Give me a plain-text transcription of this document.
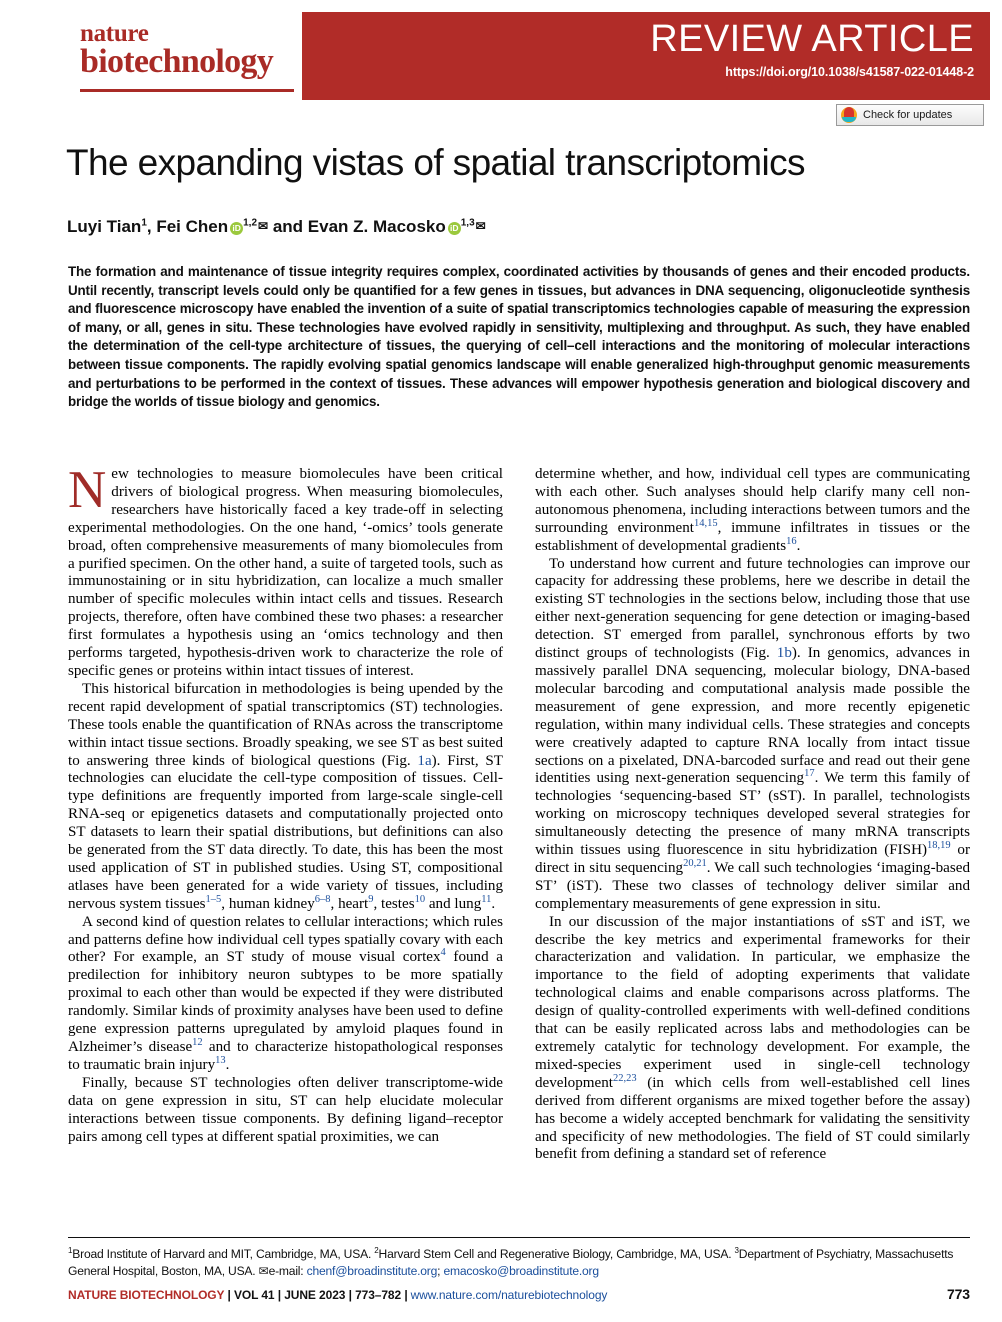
nature
biotechnology
REVIEW ARTICLE
https://doi.org/10.1038/s41587-022-01448-2
Check for updates
The expanding vistas of spatial transcriptomics
Luyi Tian$^1$, Fei Chen iD $^{1,2}$✉ and Evan Z. Macosko iD $^{1,3}$✉
The formation and maintenance of tissue integrity requires complex, coordinated activities by thousands of genes and their encoded products. Until recently, transcript levels could only be quantified for a few genes in tissues, but advances in DNA sequencing, oligonucleotide synthesis and fluorescence microscopy have enabled the invention of a suite of spatial transcriptomics technologies capable of measuring the expression of many, or all, genes in situ. These technologies have evolved rapidly in sensitivity, multiplexing and throughput. As such, they have enabled the determination of the cell-type architecture of tissues, the querying of cell–cell interactions and the monitoring of molecular interactions between tissue components. The rapidly evolving spatial genomics landscape will enable generalized high-throughput genomic measurements and perturbations to be performed in the context of tissues. These advances will empower hypothesis generation and biological discovery and bridge the worlds of tissue biology and genomics.

New technologies to measure biomolecules have been critical drivers of biological progress. When measuring biomolecules, researchers have historically faced a key trade-off in selecting experimental methodologies. On the one hand, ‘-omics’ tools generate broad, often comprehensive measurements of many biomolecules from a purified specimen. On the other hand, a suite of targeted tools, such as immunostaining or in situ hybridization, can localize a much smaller number of specific molecules within intact cells and tissues. Research projects, therefore, often have combined these two phases: a researcher first formulates a hypothesis using an ‘omics technology and then performs targeted, hypothesis-driven work to characterize the role of specific genes or proteins within intact tissues of interest.

This historical bifurcation in methodologies is being upended by the recent rapid development of spatial transcriptomics (ST) technologies. These tools enable the quantification of RNAs across the transcriptome within intact tissue sections. Broadly speaking, we see ST as best suited to answering three kinds of biological questions (Fig. 1a). First, ST technologies can elucidate the cell-type composition of tissues. Cell-type definitions are frequently imported from large-scale single-cell RNA-seq or epigenetics datasets and computationally projected onto ST datasets to learn their spatial distributions, but definitions can also be generated from the ST data directly. To date, this has been the most used application of ST in published studies. Using ST, compositional atlases have been generated for a wide variety of tissues, including nervous system tissues$^{1-5}$, human kidney$^{6-8}$, heart$^9$, testes$^{10}$ and lung$^{11}$.

A second kind of question relates to cellular interactions; which rules and patterns define how individual cell types spatially covary with each other? For example, an ST study of mouse visual cortex$^4$ found a predilection for inhibitory neuron subtypes to be more spatially proximal to each other than would be expected if they were distributed randomly. Similar kinds of proximity analyses have been used to define gene expression patterns upregulated by amyloid plaques found in Alzheimer’s disease$^{12}$ and to characterize histopathological responses to traumatic brain injury$^{13}$.

Finally, because ST technologies often deliver transcriptome-wide data on gene expression in situ, ST can help elucidate molecular interactions between tissue components. By defining ligand–receptor pairs among cell types at different spatial proximities, we can

determine whether, and how, individual cell types are communicating with each other. Such analyses should help clarify many cell non-autonomous phenomena, including interactions between tumors and the surrounding environment$^{14,15}$, immune infiltrates in tissues or the establishment of developmental gradients$^{16}$.

To understand how current and future technologies can improve our capacity for addressing these problems, here we describe in detail the existing ST technologies in the sections below, including those that use either next-generation sequencing for gene detection or imaging-based detection. ST emerged from parallel, synchronous efforts by two distinct groups of technologists (Fig. 1b). In genomics, advances in massively parallel DNA sequencing, molecular biology, DNA-based molecular barcoding and computational analysis made possible the measurement of gene expression, and more recently epigenetic regulation, within many individual cells. These strategies and concepts were creatively adapted to capture RNA locally from intact tissue sections on a pixelated, DNA-barcoded surface and read out their gene identities using next-generation sequencing$^{17}$. We term this family of technologies ‘sequencing-based ST’ (sST). In parallel, technologists working on microscopy techniques developed several strategies for simultaneously detecting the presence of many mRNA transcripts within tissues using fluorescence in situ hybridization (FISH)$^{18,19}$ or direct in situ sequencing$^{20,21}$. We call such technologies ‘imaging-based ST’ (iST). These two classes of technology deliver similar and complementary measurements of gene expression in situ.

In our discussion of the major instantiations of sST and iST, we describe the key metrics and experimental frameworks for their characterization and validation. In particular, we emphasize the importance to the field of adopting experiments that validate technological claims and enable comparisons across platforms. The design of quality-controlled experiments with well-defined conditions that can be easily replicated across labs and methodologies can be extremely catalytic for technology development. For example, the mixed-species experiment used in single-cell technology development$^{22,23}$ (in which cells from well-established cell lines derived from different organisms are mixed together before the assay) has become a widely accepted benchmark for validating the sensitivity and specificity of new methodologies. The field of ST could similarly benefit from defining a standard set of reference

$^1$Broad Institute of Harvard and MIT, Cambridge, MA, USA. $^2$Harvard Stem Cell and Regenerative Biology, Cambridge, MA, USA. $^3$Department of Psychiatry, Massachusetts General Hospital, Boston, MA, USA. ✉e-mail: chenf@broadinstitute.org; emacosko@broadinstitute.org
NATURE BIOTECHNOLOGY | VOL 41 | JUNE 2023 | 773–782 | www.nature.com/naturebiotechnology	773
